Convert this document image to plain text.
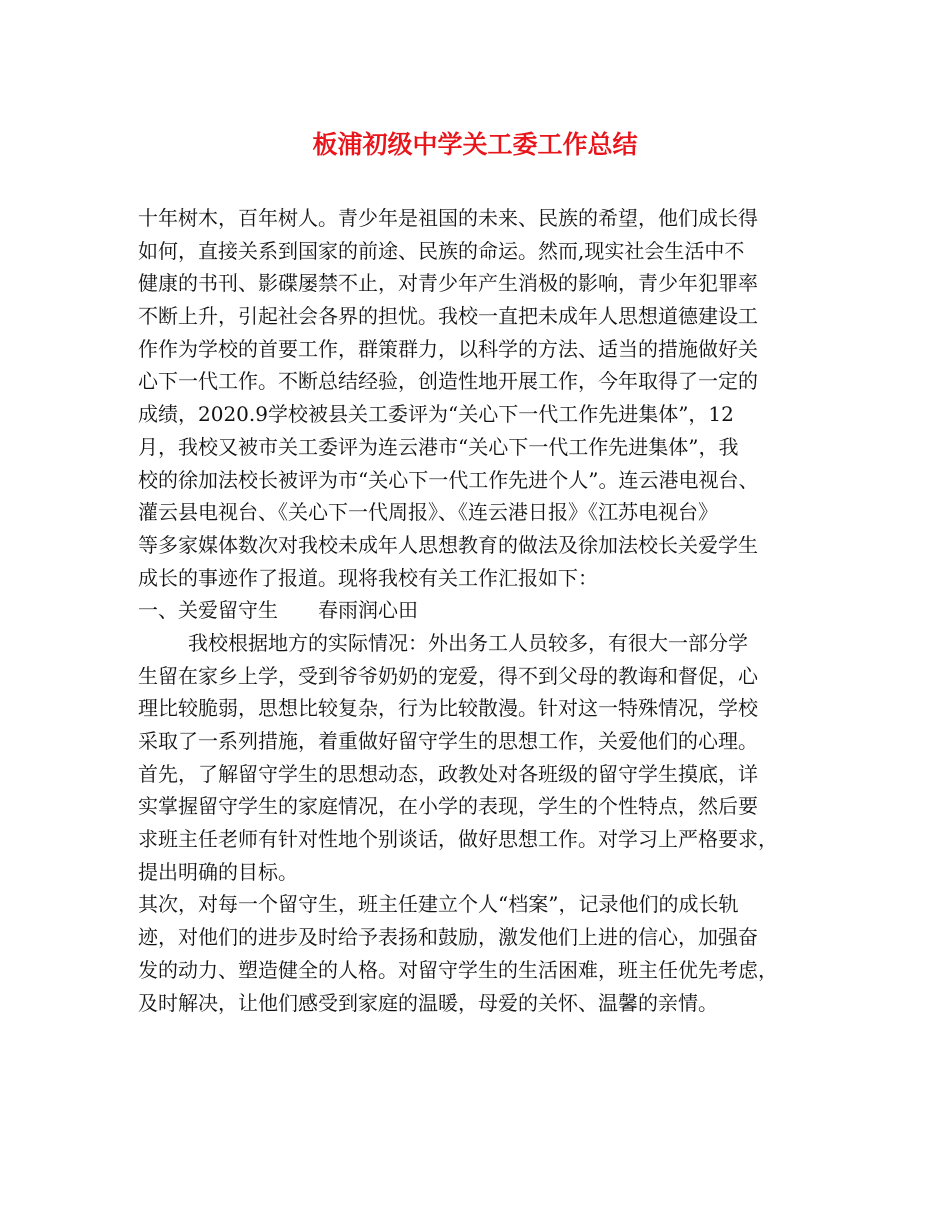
板浦初级中学关工委工作总结
十年树木，百年树人。青少年是祖国的未来、民族的希望，他们成长得
如何，直接关系到国家的前途、民族的命运。然而,现实社会生活中不
健康的书刊、影碟屡禁不止，对青少年产生消极的影响，青少年犯罪率
不断上升，引起社会各界的担忧。我校一直把未成年人思想道德建设工
作作为学校的首要工作，群策群力，以科学的方法、适当的措施做好关
心下一代工作。不断总结经验，创造性地开展工作，今年取得了一定的
成绩，2020.9学校被县关工委评为“关心下一代工作先进集体”，12
月，我校又被市关工委评为连云港市“关心下一代工作先进集体”，我
校的徐加法校长被评为市“关心下一代工作先进个人”。连云港电视台、
灌云县电视台、《关心下一代周报》、《连云港日报》《江苏电视台》
等多家媒体数次对我校未成年人思想教育的做法及徐加法校长关爱学生
成长的事迹作了报道。现将我校有关工作汇报如下：
一、关爱留守生　　春雨润心田
我校根据地方的实际情况：外出务工人员较多，有很大一部分学
生留在家乡上学，受到爷爷奶奶的宠爱，得不到父母的教诲和督促，心
理比较脆弱，思想比较复杂，行为比较散漫。针对这一特殊情况，学校
采取了一系列措施，着重做好留守学生的思想工作，关爱他们的心理。
首先，了解留守学生的思想动态，政教处对各班级的留守学生摸底，详
实掌握留守学生的家庭情况，在小学的表现，学生的个性特点，然后要
求班主任老师有针对性地个别谈话，做好思想工作。对学习上严格要求，
提出明确的目标。
其次，对每一个留守生，班主任建立个人“档案”，记录他们的成长轨
迹，对他们的进步及时给予表扬和鼓励，激发他们上进的信心，加强奋
发的动力、塑造健全的人格。对留守学生的生活困难，班主任优先考虑，
及时解决，让他们感受到家庭的温暖，母爱的关怀、温馨的亲情。
